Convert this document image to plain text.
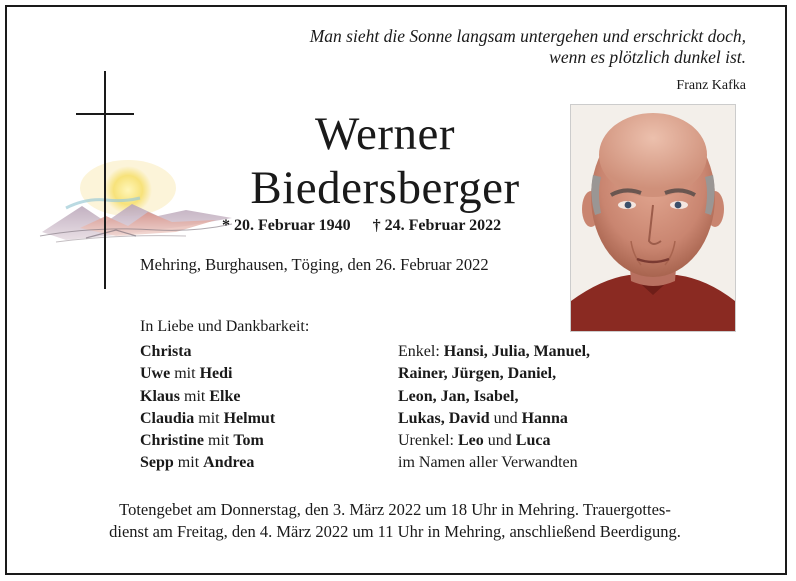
Man sieht die Sonne langsam untergehen und erschrickt doch,
wenn es plötzlich dunkel ist.
Franz Kafka
Werner
Biedersberger
* 20. Februar 1940 † 24. Februar 2022
Mehring, Burghausen, Töging, den 26. Februar 2022
In Liebe und Dankbarkeit:
Christa
Uwe mit Hedi
Klaus mit Elke
Claudia mit Helmut
Christine mit Tom
Sepp mit Andrea
Enkel: Hansi, Julia, Manuel,
Rainer, Jürgen, Daniel,
Leon, Jan, Isabel,
Lukas, David und Hanna
Urenkel: Leo und Luca
im Namen aller Verwandten
Totengebet am Donnerstag, den 3. März 2022 um 18 Uhr in Mehring. Trauergottes-
dienst am Freitag, den 4. März 2022 um 11 Uhr in Mehring, anschließend Beerdigung.
